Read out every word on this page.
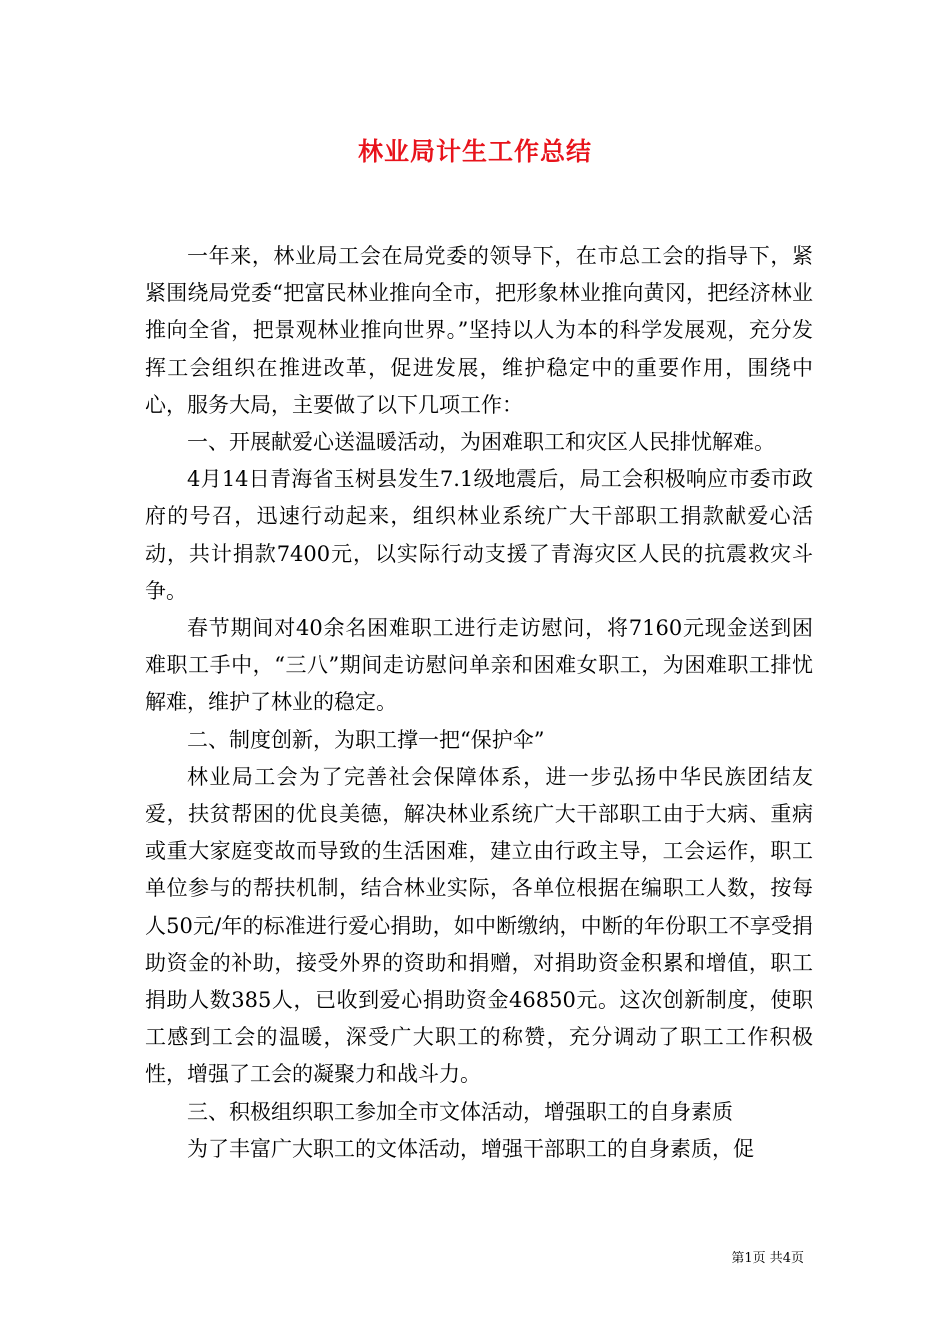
林业局计生工作总结

一年来，林业局工会在局党委的领导下，在市总工会的指导下，紧紧围绕局党委“把富民林业推向全市，把形象林业推向黄冈，把经济林业推向全省，把景观林业推向世界。”坚持以人为本的科学发展观，充分发挥工会组织在推进改革，促进发展，维护稳定中的重要作用，围绕中心，服务大局，主要做了以下几项工作：

一、开展献爱心送温暖活动，为困难职工和灾区人民排忧解难。

4月14日青海省玉树县发生7.1级地震后，局工会积极响应市委市政府的号召，迅速行动起来，组织林业系统广大干部职工捐款献爱心活动，共计捐款7400元，以实际行动支援了青海灾区人民的抗震救灾斗争。

春节期间对40余名困难职工进行走访慰问，将7160元现金送到困难职工手中，“三八”期间走访慰问单亲和困难女职工，为困难职工排忧解难，维护了林业的稳定。

二、制度创新，为职工撑一把“保护伞”

林业局工会为了完善社会保障体系，进一步弘扬中华民族团结友爱，扶贫帮困的优良美德，解决林业系统广大干部职工由于大病、重病或重大家庭变故而导致的生活困难，建立由行政主导，工会运作，职工单位参与的帮扶机制，结合林业实际，各单位根据在编职工人数，按每人50元/年的标准进行爱心捐助，如中断缴纳，中断的年份职工不享受捐助资金的补助，接受外界的资助和捐赠，对捐助资金积累和增值，职工捐助人数385人，已收到爱心捐助资金46850元。这次创新制度，使职工感到工会的温暖，深受广大职工的称赞，充分调动了职工工作积极性，增强了工会的凝聚力和战斗力。

三、积极组织职工参加全市文体活动，增强职工的自身素质

为了丰富广大职工的文体活动，增强干部职工的自身素质，促

第1页 共4页
